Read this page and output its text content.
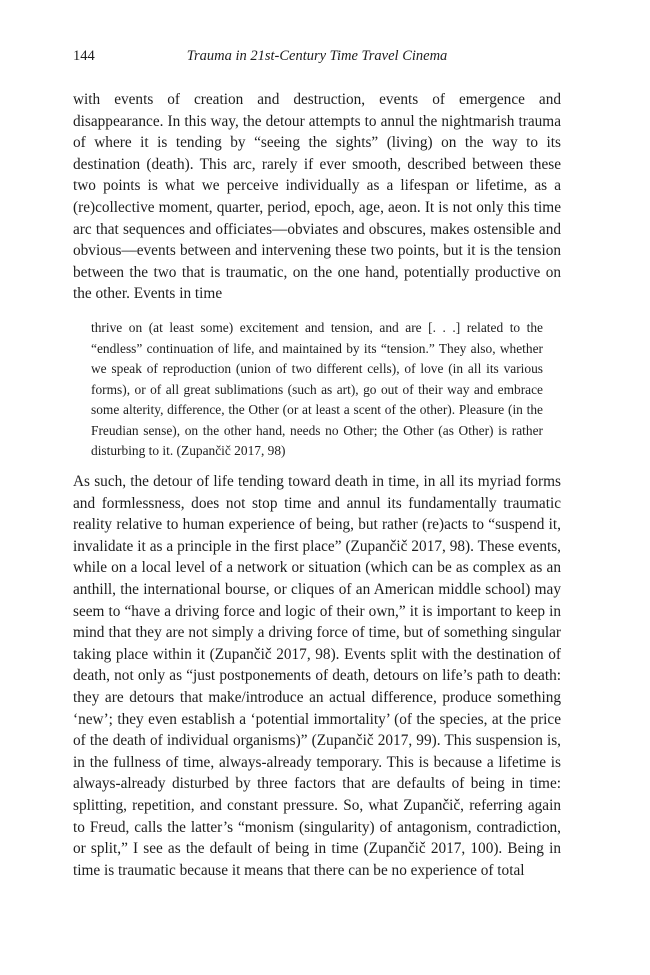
144	Trauma in 21st-Century Time Travel Cinema

with events of creation and destruction, events of emergence and disappearance. In this way, the detour attempts to annul the nightmarish trauma of where it is tending by “seeing the sights” (living) on the way to its destination (death). This arc, rarely if ever smooth, described between these two points is what we perceive individually as a lifespan or lifetime, as a (re)collective moment, quarter, period, epoch, age, aeon. It is not only this time arc that sequences and officiates—obviates and obscures, makes ostensible and obvious—events between and intervening these two points, but it is the tension between the two that is traumatic, on the one hand, potentially productive on the other. Events in time

thrive on (at least some) excitement and tension, and are [. . .] related to the “endless” continuation of life, and maintained by its “tension.” They also, whether we speak of reproduction (union of two different cells), of love (in all its various forms), or of all great sublimations (such as art), go out of their way and embrace some alterity, difference, the Other (or at least a scent of the other). Pleasure (in the Freudian sense), on the other hand, needs no Other; the Other (as Other) is rather disturbing to it. (Zupančič 2017, 98)

As such, the detour of life tending toward death in time, in all its myriad forms and formlessness, does not stop time and annul its fundamentally traumatic reality relative to human experience of being, but rather (re)acts to “suspend it, invalidate it as a principle in the first place” (Zupančič 2017, 98). These events, while on a local level of a network or situation (which can be as complex as an anthill, the international bourse, or cliques of an American middle school) may seem to “have a driving force and logic of their own,” it is important to keep in mind that they are not simply a driving force of time, but of something singular taking place within it (Zupančič 2017, 98). Events split with the destination of death, not only as “just postponements of death, detours on life’s path to death: they are detours that make/introduce an actual difference, produce something ‘new’; they even establish a ‘potential immortality’ (of the species, at the price of the death of individual organisms)” (Zupančič 2017, 99). This suspension is, in the fullness of time, always-already temporary. This is because a lifetime is always-already disturbed by three factors that are defaults of being in time: splitting, repetition, and constant pressure. So, what Zupančič, referring again to Freud, calls the latter’s “monism (singularity) of antagonism, contradiction, or split,” I see as the default of being in time (Zupančič 2017, 100). Being in time is traumatic because it means that there can be no experience of total
